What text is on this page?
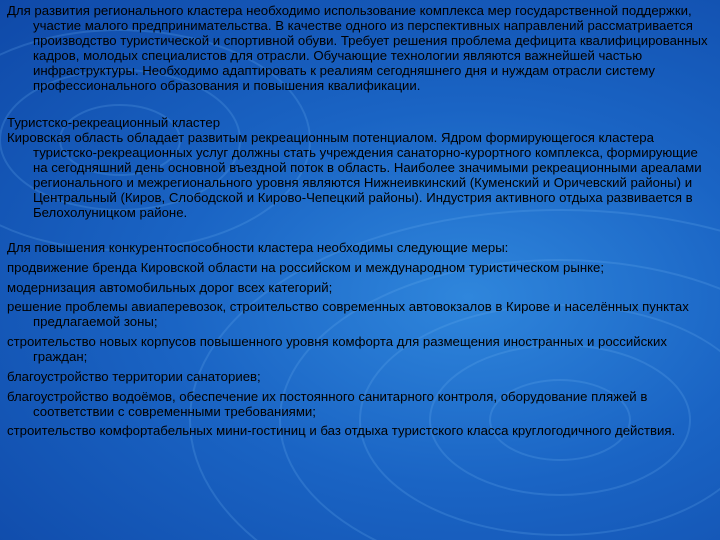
Для развития регионального кластера необходимо использование комплекса мер государственной поддержки, участие малого предпринимательства. В качестве одного из перспективных направлений рассматривается производство туристической и спортивной обуви. Требует решения проблема дефицита квалифицированных кадров, молодых специалистов для отрасли. Обучающие технологии являются важнейшей частью инфраструктуры. Необходимо адаптировать к реалиям сегодняшнего дня и нуждам отрасли систему профессионального образования и повышения квалификации.

Туристско-рекреационный кластер

Кировская область обладает развитым рекреационным потенциалом. Ядром формирующегося кластера туристско-рекреационных услуг должны стать учреждения санаторно-курортного комплекса, формирующие на сегодняшний день основной въездной поток в область. Наиболее значимыми рекреационными ареалами регионального и межрегионального уровня являются Нижнеивкинский (Куменский и Оричевский районы) и Центральный (Киров, Слободской и Кирово-Чепецкий районы). Индустрия активного отдыха развивается в Белохолуницком районе.

Для повышения конкурентоспособности кластера необходимы следующие меры:

продвижение бренда Кировской области на российском и международном туристическом рынке;

модернизация автомобильных дорог всех категорий;

решение проблемы авиаперевозок, строительство современных автовокзалов в Кирове и населённых пунктах предлагаемой зоны;

строительство новых корпусов повышенного уровня комфорта для размещения иностранных и российских граждан;

благоустройство территории санаториев;

благоустройство водоёмов, обеспечение их постоянного санитарного контроля, оборудование пляжей в соответствии с современными требованиями;

строительство комфортабельных мини-гостиниц и баз отдыха туристского класса круглогодичного действия.
